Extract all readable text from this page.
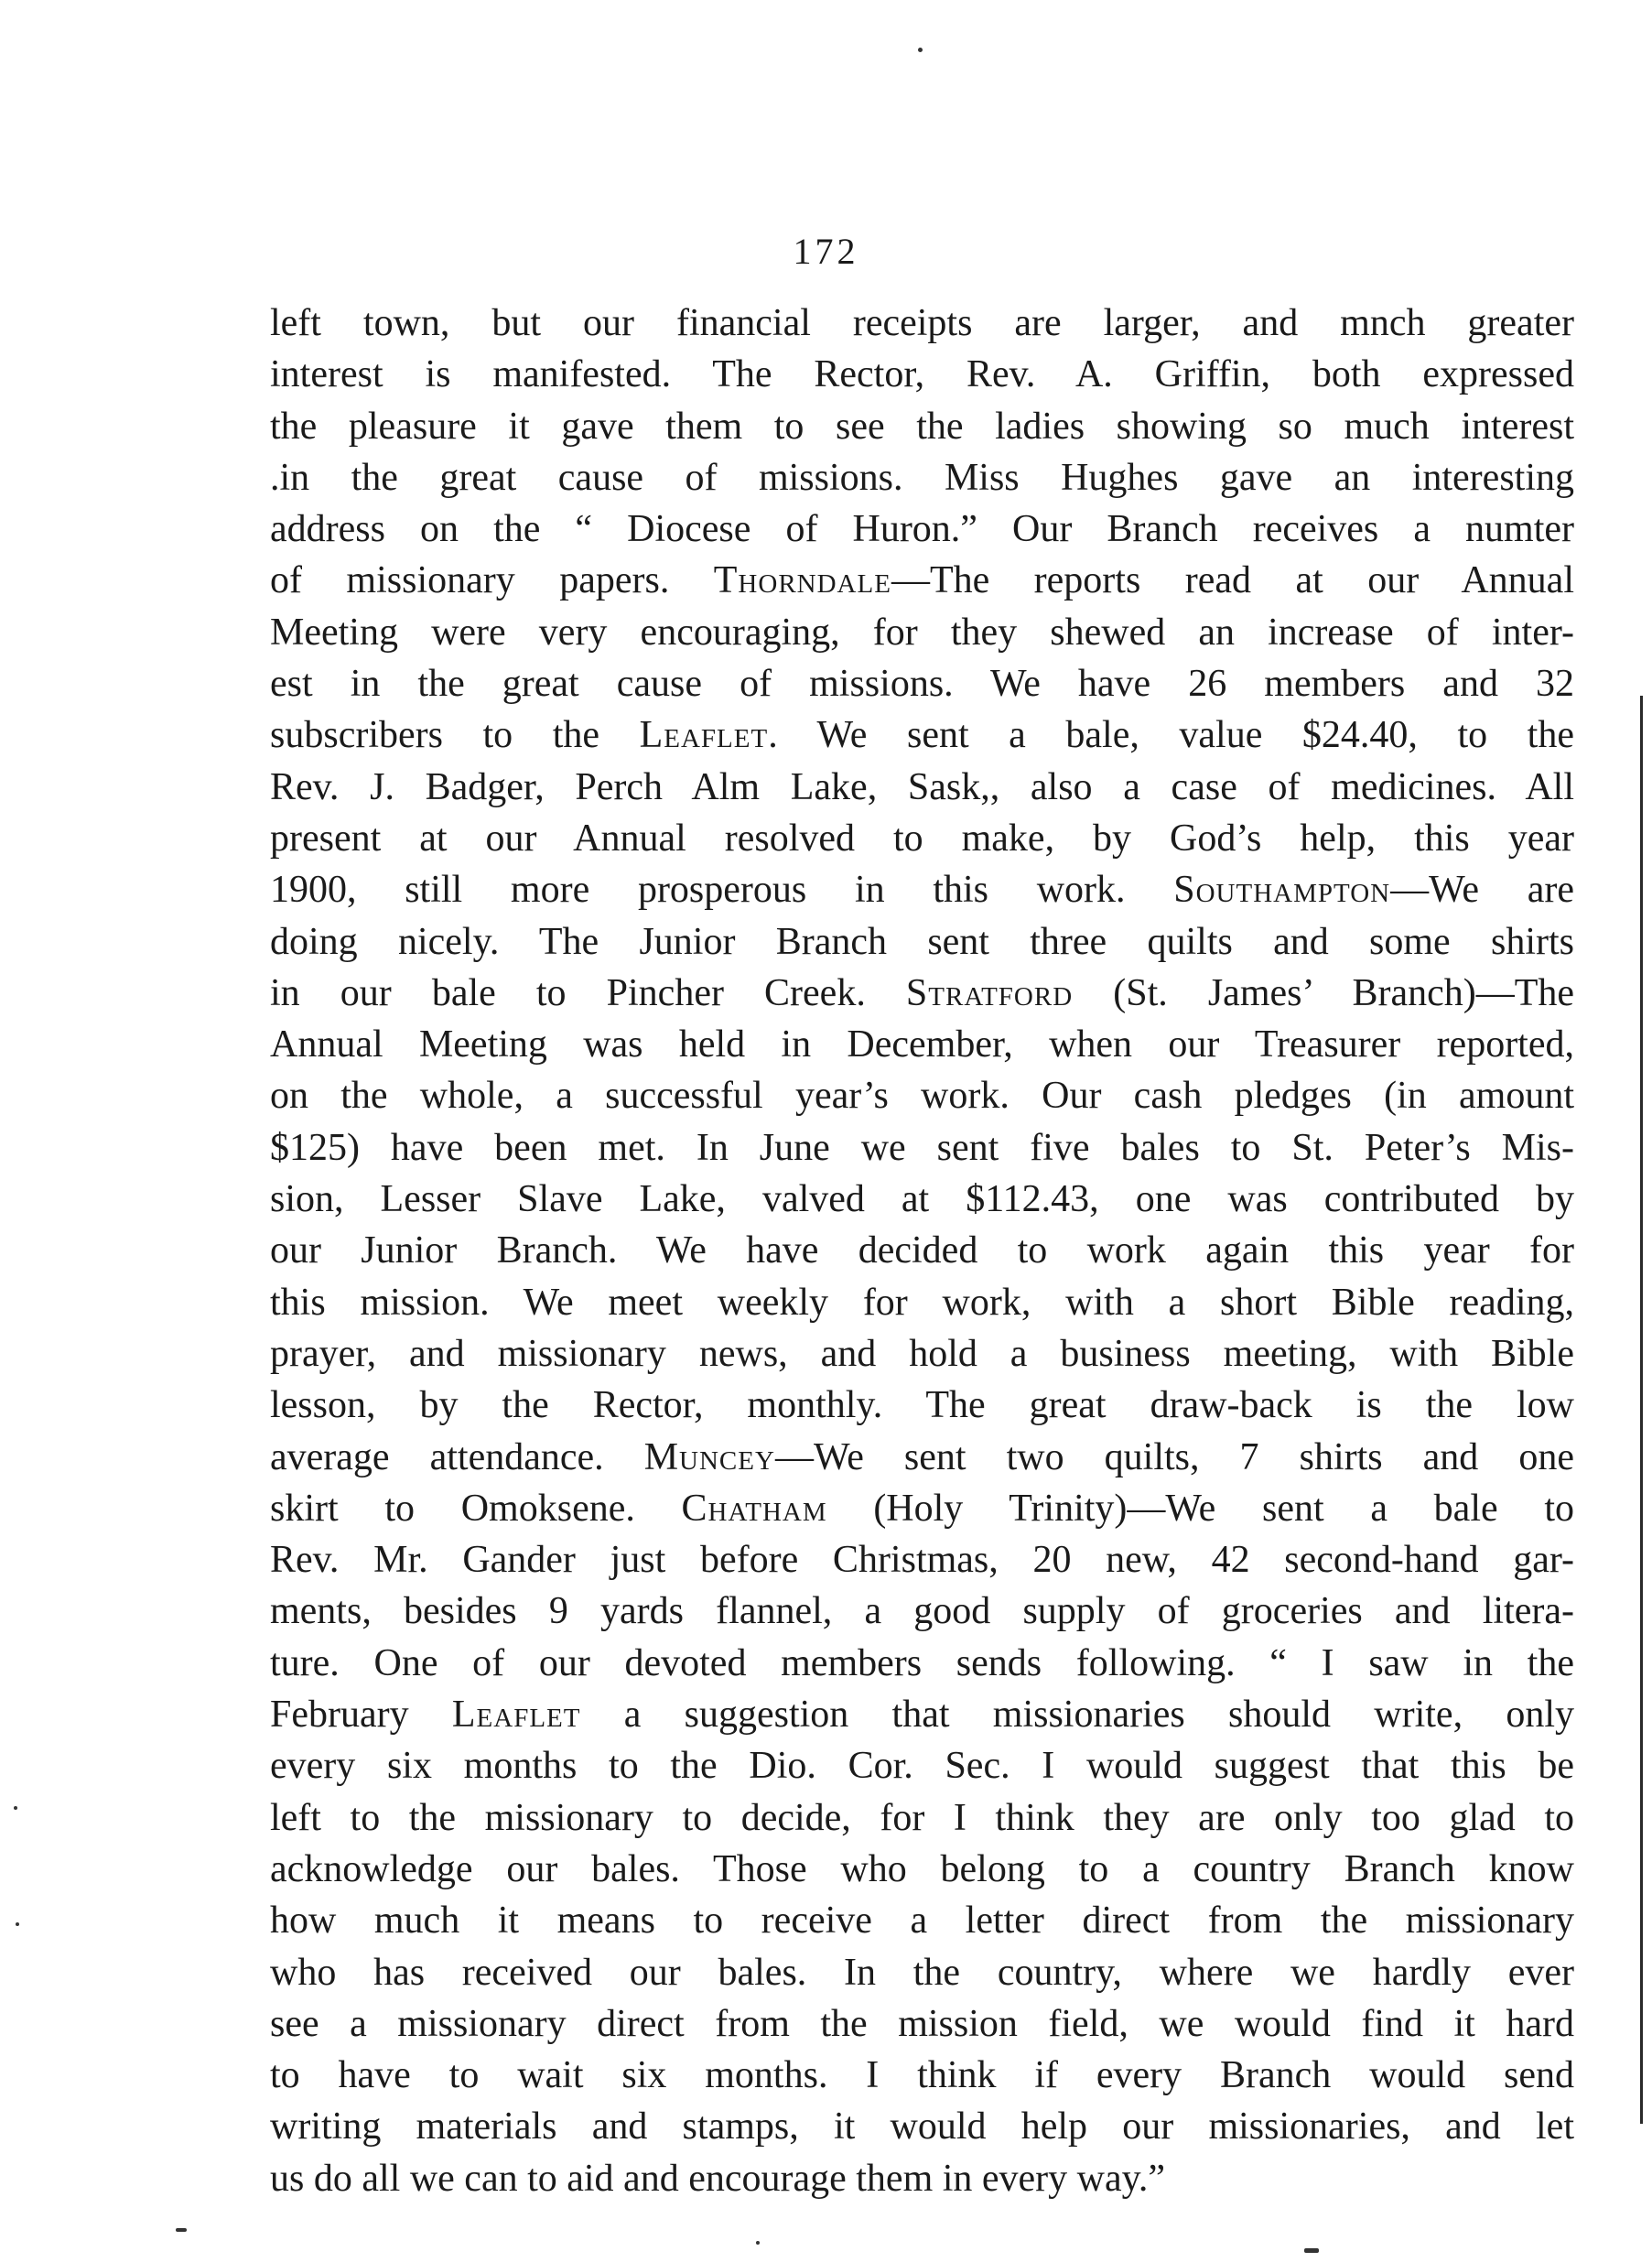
172
left town, but our financial receipts are larger, and mnch greater
interest is manifested. The Rector, Rev. A. Griffin, both expressed
the pleasure it gave them to see the ladies showing so much interest
.in the great cause of missions. Miss Hughes gave an interesting
address on the “ Diocese of Huron.” Our Branch receives a numter
of missionary papers. Thorndale—The reports read at our Annual
Meeting were very encouraging, for they shewed an increase of inter-
est in the great cause of missions. We have 26 members and 32
subscribers to the Leaflet. We sent a bale, value $24.40, to the
Rev. J. Badger, Perch Alm Lake, Sask,, also a case of medicines. All
present at our Annual resolved to make, by God’s help, this year
1900, still more prosperous in this work. Southampton—We are
doing nicely. The Junior Branch sent three quilts and some shirts
in our bale to Pincher Creek. Stratford (St. James’ Branch)—The
Annual Meeting was held in December, when our Treasurer reported,
on the whole, a successful year’s work. Our cash pledges (in amount
$125) have been met. In June we sent five bales to St. Peter’s Mis-
sion, Lesser Slave Lake, valved at $112.43, one was contributed by
our Junior Branch. We have decided to work again this year for
this mission. We meet weekly for work, with a short Bible reading,
prayer, and missionary news, and hold a business meeting, with Bible
lesson, by the Rector, monthly. The great draw-back is the low
average attendance. Muncey—We sent two quilts, 7 shirts and one
skirt to Omoksene. Chatham (Holy Trinity)—We sent a bale to
Rev. Mr. Gander just before Christmas, 20 new, 42 second-hand gar-
ments, besides 9 yards flannel, a good supply of groceries and litera-
ture. One of our devoted members sends following. “ I saw in the
February Leaflet a suggestion that missionaries should write, only
every six months to the Dio. Cor. Sec. I would suggest that this be
left to the missionary to decide, for I think they are only too glad to
acknowledge our bales. Those who belong to a country Branch know
how much it means to receive a letter direct from the missionary
who has received our bales. In the country, where we hardly ever
see a missionary direct from the mission field, we would find it hard
to have to wait six months. I think if every Branch would send
writing materials and stamps, it would help our missionaries, and let
us do all we can to aid and encourage them in every way.”
